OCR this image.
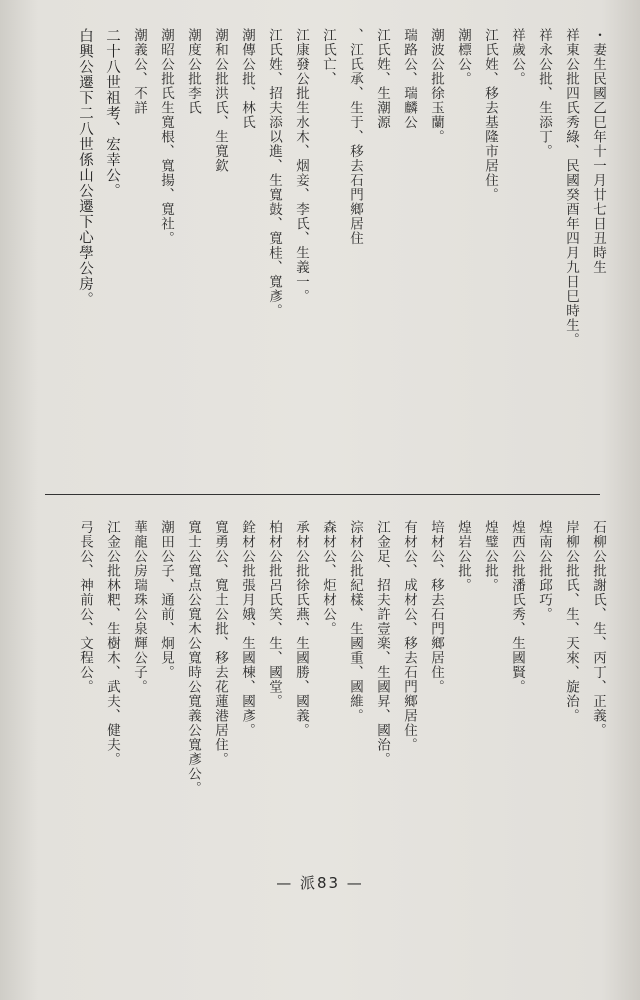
・妻生民國乙巳年十一月廿七日丑時生
祥東公批四氏秀綠、民國癸酉年四月九日巳時生。
祥永公批、生添丁。
祥歲公。
江氏姓、移去基隆市居住。
潮標公。
潮波公批徐玉蘭。
瑞路公、瑞麟公
江氏姓、生潮源
、江氏承、生于、移去石門鄉居住
江氏亡、
江康發公批生水木、烟妾、李氏、生義一。
江氏姓、招夫添以進、生寬鼓、寬桂、寬彥。
潮傳公批、林氏
潮和公批洪氏、生寬欽
潮度公批李氏
潮昭公批氏生寬根、寬揚、寬社。
潮義公、不詳
二十八世祖考、宏幸公。
白興公遷下二八世係山公遷下心學公房。
石柳公批謝氏、生、丙丁、正義。
岸柳公批氏、生、天來、旋治。
煌南公批邱巧。
煌西公批潘氏秀、生國賢。
煌璧公批。
煌岩公批。
培材公、移去石門鄉居住。
有材公、成材公、移去石門鄉居住。
江金足、招夫許壹楽、生國昇、國治。
淙材公批紀樣、生國重、國維。
森材公、炬材公。
承材公批徐氏燕、生國勝、國義。
柏材公批呂氏笑、生、國堂。
銓材公批張月娥、生國棟、國彥。
寬勇公、寬土公批、移去花蓮港居住。
寬士公寬点公寬木公寬時公寬義公寬彥公。
潮田公子、通前、炯見。
華龍公房瑞珠公泉輝公子。
江金公批林粑、生樹木、武夫、健夫。
弓長公、神前公、文程公。
— 派83 —
